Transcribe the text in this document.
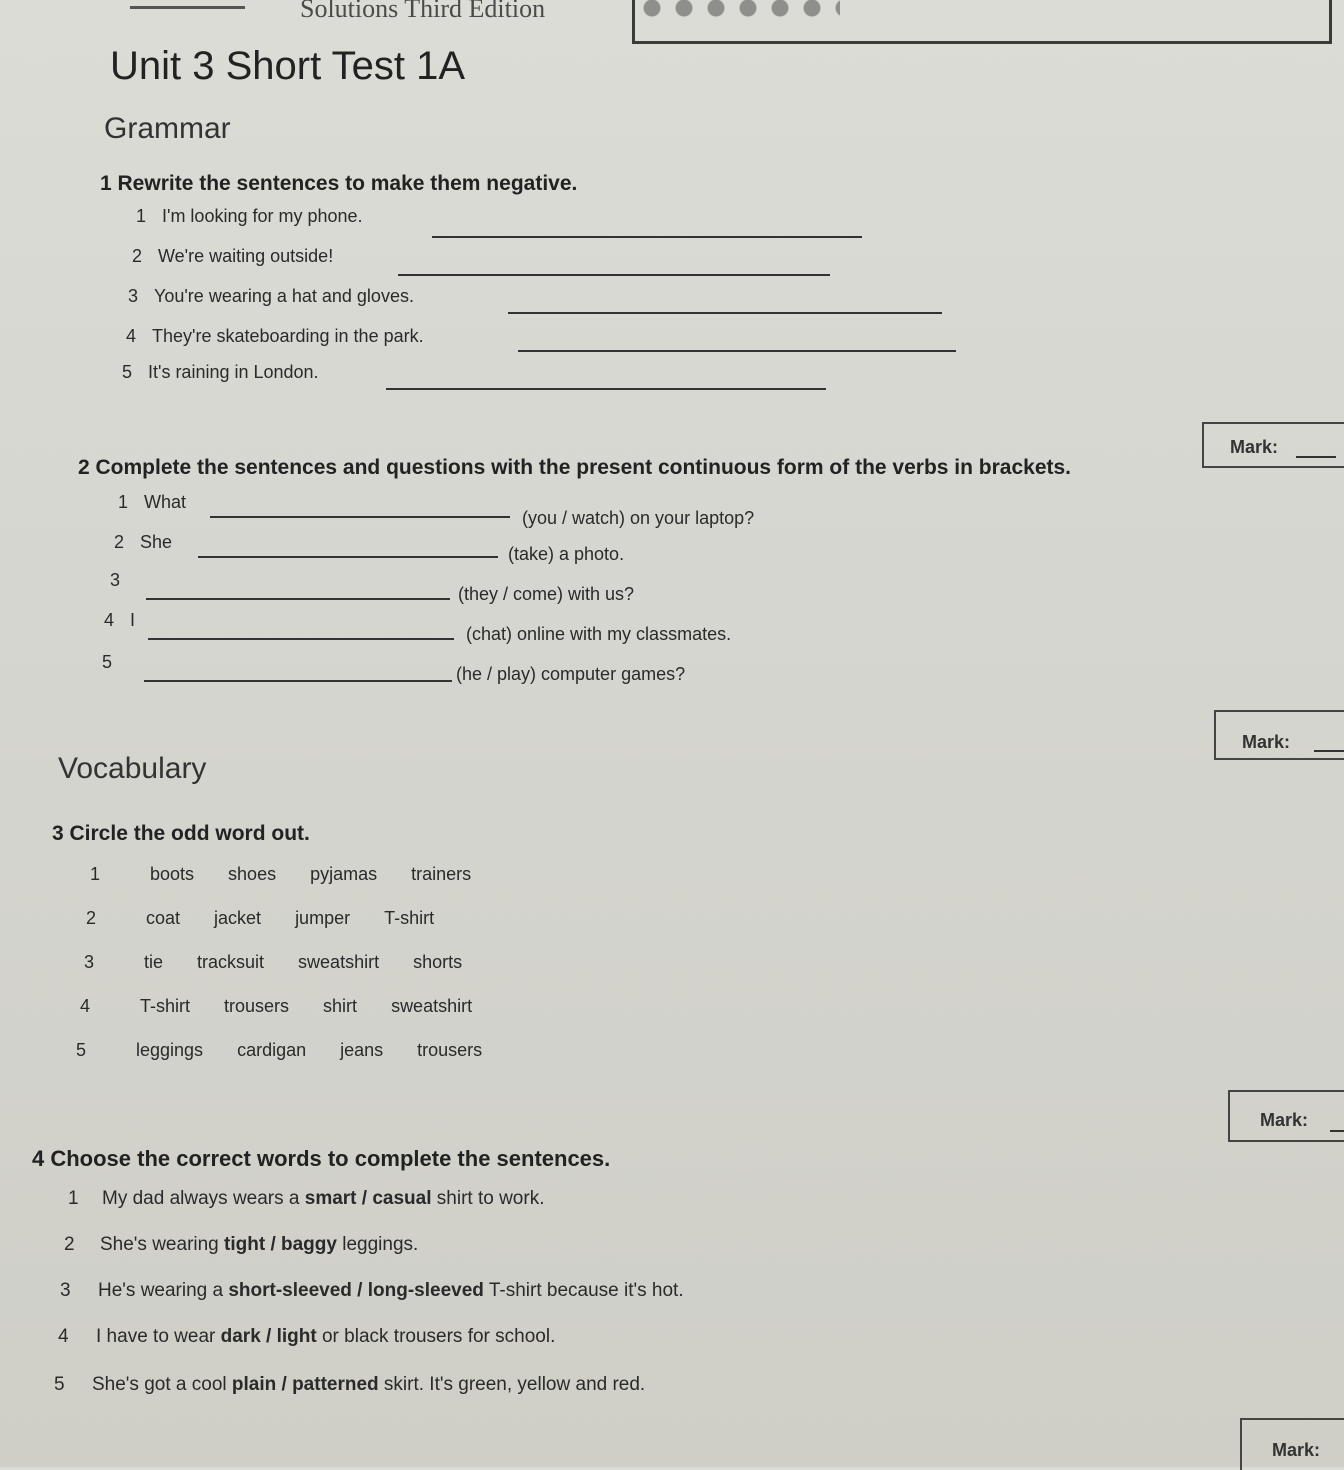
Solutions Third Edition
Unit 3 Short Test 1A
Grammar
1 Rewrite the sentences to make them negative.
1 I'm looking for my phone.
2 We're waiting outside!
3 You're wearing a hat and gloves.
4 They're skateboarding in the park.
5 It's raining in London.
Mark:
2 Complete the sentences and questions with the present continuous form of the verbs in brackets.
1 What
(you / watch) on your laptop?
2 She
(take) a photo.
3
(they / come) with us?
4 I
(chat) online with my classmates.
5
(he / play) computer games?
Mark:
Vocabulary
3 Circle the odd word out.
1	boots shoes pyjamas trainers
2	coat jacket jumper T-shirt
3	tie tracksuit sweatshirt shorts
4	T-shirt trousers shirt sweatshirt
5	leggings cardigan jeans trousers
Mark:
4 Choose the correct words to complete the sentences.
1 My dad always wears a smart / casual shirt to work.
2 She's wearing tight / baggy leggings.
3 He's wearing a short-sleeved / long-sleeved T-shirt because it's hot.
4 I have to wear dark / light or black trousers for school.
5 She's got a cool plain / patterned skirt. It's green, yellow and red.
Mark:
